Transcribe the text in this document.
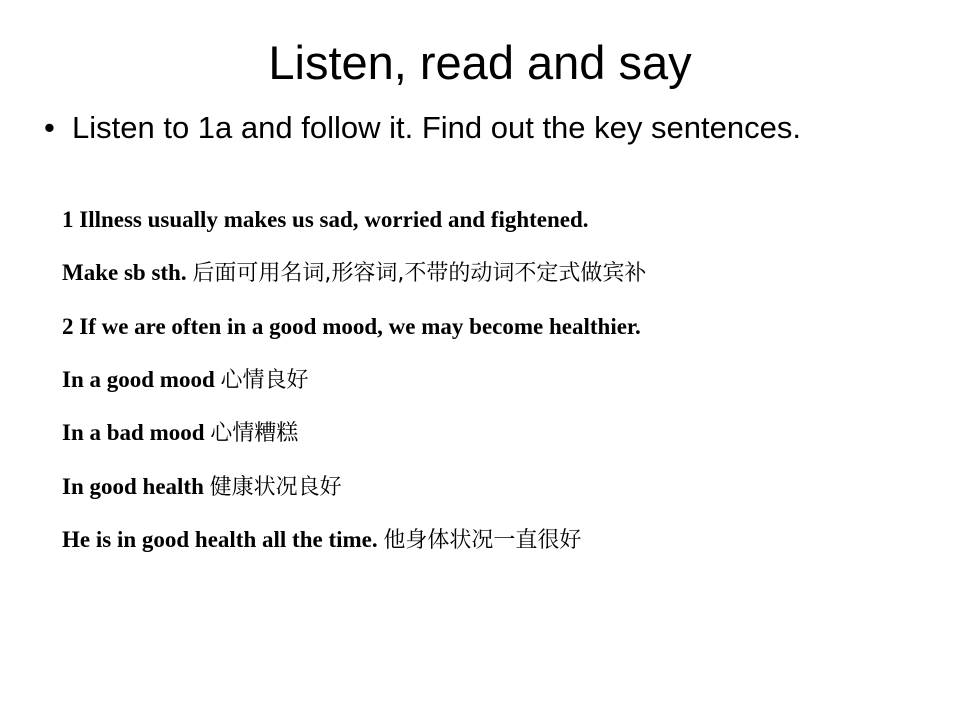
Listen, read and say
• Listen to 1a and follow it. Find out the key sentences.

1 Illness usually makes us sad, worried and fightened.

Make sb sth. 后面可用名词,形容词,不带的动词不定式做宾补

2 If we are often in a good mood, we may become healthier.

In a good mood 心情良好

In a bad mood 心情糟糕

In good health 健康状况良好

He is in good health all the time. 他身体状况一直很好
